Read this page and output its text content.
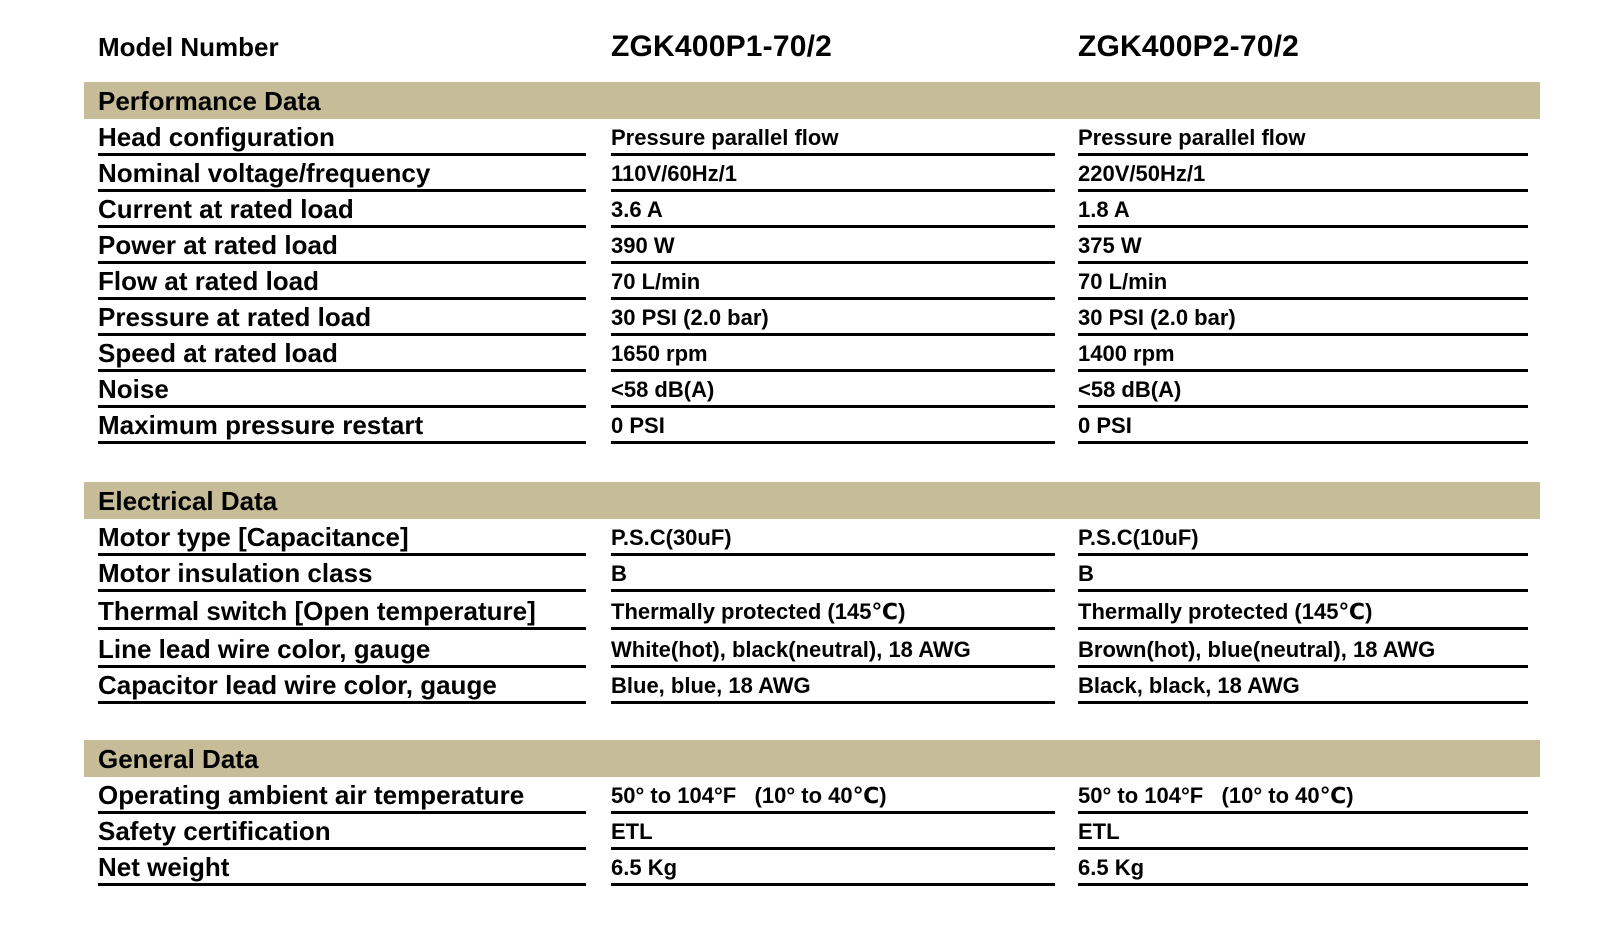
Model Number	ZGK400P1-70/2	ZGK400P2-70/2
Performance Data
Head configuration	Pressure parallel flow	Pressure parallel flow
Nominal voltage/frequency	110V/60Hz/1	220V/50Hz/1
Current at rated load	3.6 A	1.8 A
Power at rated load	390 W	375 W
Flow at rated load	70 L/min	70 L/min
Pressure at rated load	30 PSI (2.0 bar)	30 PSI (2.0 bar)
Speed at rated load	1650 rpm	1400 rpm
Noise	<58 dB(A)	<58 dB(A)
Maximum pressure restart	0 PSI	0 PSI
Electrical Data
Motor type [Capacitance]	P.S.C(30uF)	P.S.C(10uF)
Motor insulation class	B	B
Thermal switch [Open temperature]	Thermally protected (145℃)	Thermally protected (145℃)
Line lead wire color, gauge	White(hot), black(neutral), 18 AWG	Brown(hot), blue(neutral), 18 AWG
Capacitor lead wire color, gauge	Blue, blue, 18 AWG	Black, black, 18 AWG
General Data
Operating ambient air temperature	50° to 104°F   (10° to 40℃)	50° to 104°F   (10° to 40℃)
Safety certification	ETL	ETL
Net weight	6.5 Kg	6.5 Kg
